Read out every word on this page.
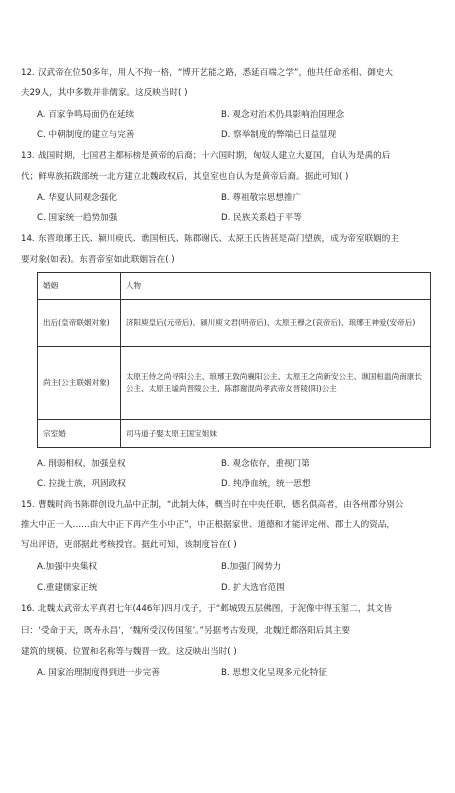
12. 汉武帝在位50多年，用人不拘一格，“博开艺能之路，悉延百端之学”，他共任命丞相、御史大
夫29人，其中多数并非儒家。这反映当时( )
A. 百家争鸣局面仍在延续	B. 观念对治术仍具影响治国理念
C. 中朝制度的建立与完善	D. 察举制度的弊端已日益显现
13. 战国时期，七国君主都标榜是黄帝的后裔；十六国时期，匈奴人建立大夏国，自认为是禹的后
代；鲜卑族拓跋部统一北方建立北魏政权后，其皇室也自认为是黄帝后裔。据此可知( )
A. 华夏认同观念强化	B. 尊祖敬宗思想推广
C. 国家统一趋势加强	D. 民族关系趋于平等
14. 东晋琅琊王氏、颍川庾氏、谯国桓氏、陈郡谢氏、太原王氏皆甚是高门望族，成为帝室联姻的主
要对象(如表)。东晋帝室如此联姻旨在( )
婚姻	人物
出后(皇帝联姻对象)	济阳庾皇后(元帝后)、颍川庾文君(明帝后)、太原王穆之(哀帝后)、琅琊王神爱(安帝后)
尚主(公主联姻对象)	太原王侍之尚寻阳公主、琅琊王敦尚襄阳公主、太原王之尚新安公主、谯国桓温尚南康长公主、太原王谧尚晋陵公主、陈郡谢混尚孝武帝女晋陵(阳)公主
宗室婚	司马道子娶太原王国宝姐妹
A. 削弱相权，加强皇权	B. 观念依存，重视门第
C. 拉拢士族，巩固政权	D. 纯净血统，统一思想
15. 曹魏时尚书陈群创设九品中正制，“此制大体，概当时在中央任职，德名俱高者，由各州郡分别公
推大中正一人……由大中正下再产生小中正”，中正根据家世、道德和才能评定州、郡士人的资品，
写出评语，吏部据此考核授官。据此可知，该制度旨在( )
A.加强中央集权	B.加强门阀势力
C.重建儒家正统	D. 扩大选官范围
16. 北魏太武帝太平真君七年(446年)四月戊子，于“邺城毁五层佛图，于泥像中得玉玺二，其文皆
曰：‘受命于天，既寿永昌’，‘魏所受汉传国玺’。”另据考古发现，北魏迁都洛阳后其主要
建筑的规模、位置和名称等与魏晋一致。这反映出当时( )
A. 国家治理制度得到进一步完善	B. 思想文化呈现多元化特征
